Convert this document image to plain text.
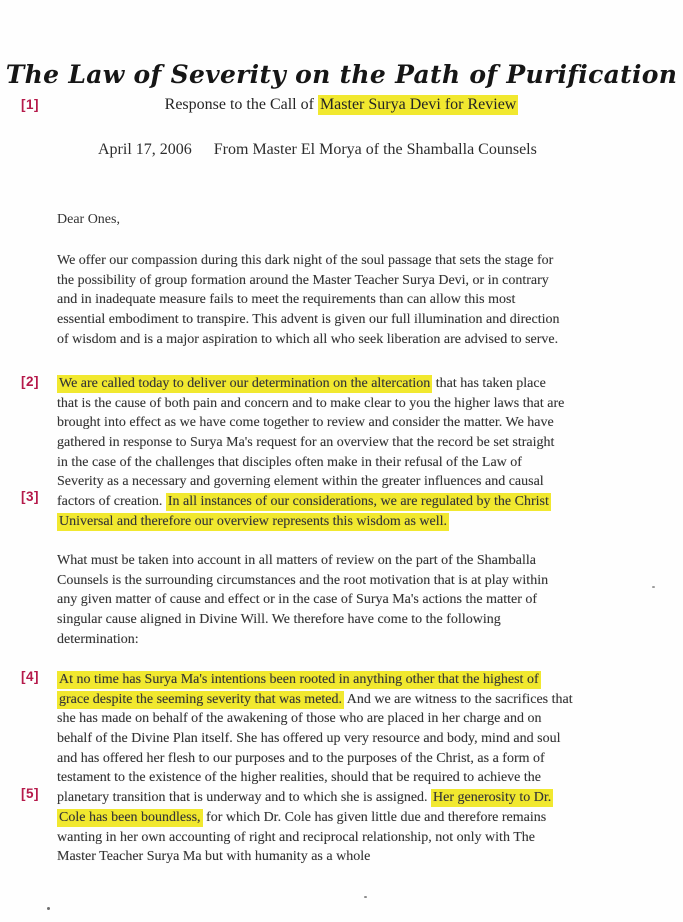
The Law of Severity on the Path of Purification
Response to the Call of Master Surya Devi for Review
April 17, 2006 From Master El Morya of the Shamballa Counsels
Dear Ones,
We offer our compassion during this dark night of the soul passage that sets the stage for
the possibility of group formation around the Master Teacher Surya Devi, or in contrary
and in inadequate measure fails to meet the requirements than can allow this most
essential embodiment to transpire. This advent is given our full illumination and direction
of wisdom and is a major aspiration to which all who seek liberation are advised to serve.
We are called today to deliver our determination on the altercation that has taken place
that is the cause of both pain and concern and to make clear to you the higher laws that are
brought into effect as we have come together to review and consider the matter. We have
gathered in response to Surya Ma's request for an overview that the record be set straight
in the case of the challenges that disciples often make in their refusal of the Law of
Severity as a necessary and governing element within the greater influences and causal
factors of creation. In all instances of our considerations, we are regulated by the Christ
Universal and therefore our overview represents this wisdom as well.
What must be taken into account in all matters of review on the part of the Shamballa
Counsels is the surrounding circumstances and the root motivation that is at play within
any given matter of cause and effect or in the case of Surya Ma's actions the matter of
singular cause aligned in Divine Will. We therefore have come to the following
determination:
At no time has Surya Ma's intentions been rooted in anything other that the highest of
grace despite the seeming severity that was meted. And we are witness to the sacrifices that
she has made on behalf of the awakening of those who are placed in her charge and on
behalf of the Divine Plan itself. She has offered up very resource and body, mind and soul
and has offered her flesh to our purposes and to the purposes of the Christ, as a form of
testament to the existence of the higher realities, should that be required to achieve the
planetary transition that is underway and to which she is assigned. Her generosity to Dr.
Cole has been boundless, for which Dr. Cole has given little due and therefore remains
wanting in her own accounting of right and reciprocal relationship, not only with The
Master Teacher Surya Ma but with humanity as a whole
[1]
[2]
[3]
[4]
[5]
